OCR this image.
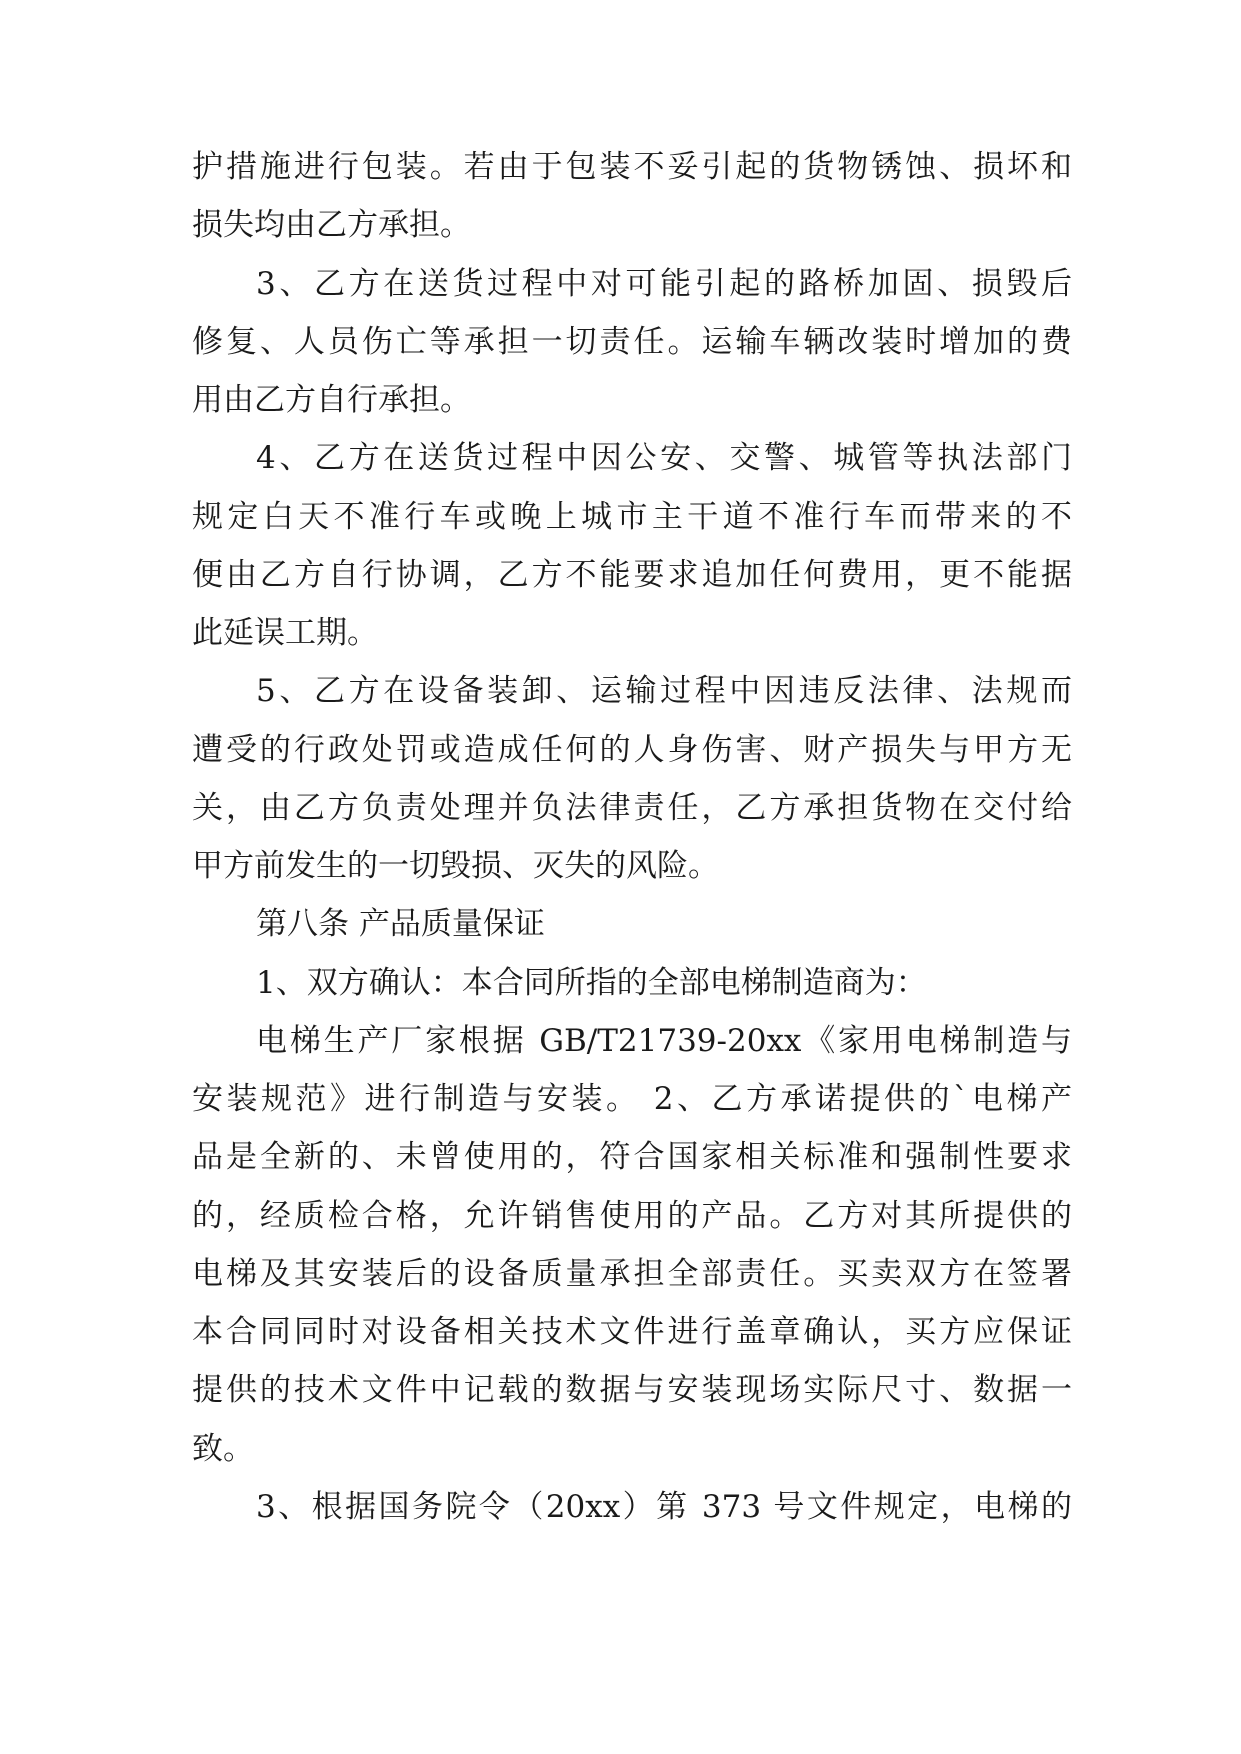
护措施进行包装。若由于包装不妥引起的货物锈蚀、损坏和
损失均由乙方承担。
3、乙方在送货过程中对可能引起的路桥加固、损毁后
修复、人员伤亡等承担一切责任。运输车辆改装时增加的费
用由乙方自行承担。
4、乙方在送货过程中因公安、交警、城管等执法部门
规定白天不准行车或晚上城市主干道不准行车而带来的不
便由乙方自行协调，乙方不能要求追加任何费用，更不能据
此延误工期。
5、乙方在设备装卸、运输过程中因违反法律、法规而
遭受的行政处罚或造成任何的人身伤害、财产损失与甲方无
关，由乙方负责处理并负法律责任，乙方承担货物在交付给
甲方前发生的一切毁损、灭失的风险。
第八条 产品质量保证
1、双方确认：本合同所指的全部电梯制造商为：
电梯生产厂家根据 GB/T21739-20xx《家用电梯制造与
安装规范》进行制造与安装。 2、乙方承诺提供的`电梯产
品是全新的、未曾使用的，符合国家相关标准和强制性要求
的，经质检合格，允许销售使用的产品。乙方对其所提供的
电梯及其安装后的设备质量承担全部责任。买卖双方在签署
本合同同时对设备相关技术文件进行盖章确认，买方应保证
提供的技术文件中记载的数据与安装现场实际尺寸、数据一
致。
3、根据国务院令（20xx）第 373 号文件规定，电梯的
